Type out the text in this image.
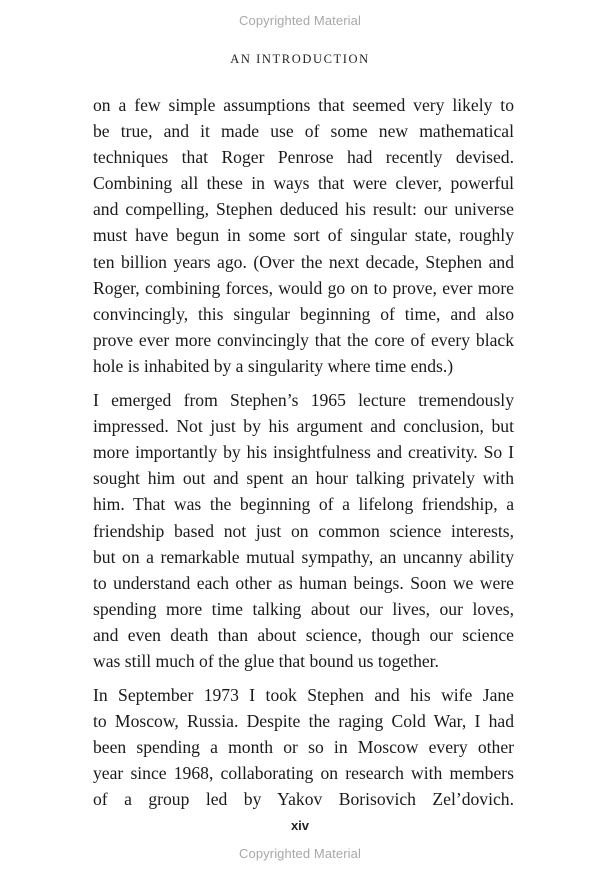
Copyrighted Material
AN INTRODUCTION
on a few simple assumptions that seemed very likely to
be true, and it made use of some new mathematical
techniques that Roger Penrose had recently devised.
Combining all these in ways that were clever, powerful
and compelling, Stephen deduced his result: our universe
must have begun in some sort of singular state, roughly
ten billion years ago. (Over the next decade, Stephen and
Roger, combining forces, would go on to prove, ever more
convincingly, this singular beginning of time, and also
prove ever more convincingly that the core of every black
hole is inhabited by a singularity where time ends.)
I emerged from Stephen’s 1965 lecture tremendously
impressed. Not just by his argument and conclusion, but
more importantly by his insightfulness and creativity. So I
sought him out and spent an hour talking privately with
him. That was the beginning of a lifelong friendship, a
friendship based not just on common science interests,
but on a remarkable mutual sympathy, an uncanny ability
to understand each other as human beings. Soon we were
spending more time talking about our lives, our loves,
and even death than about science, though our science
was still much of the glue that bound us together.
In September 1973 I took Stephen and his wife Jane
to Moscow, Russia. Despite the raging Cold War, I had
been spending a month or so in Moscow every other
year since 1968, collaborating on research with members
of a group led by Yakov Borisovich Zel’dovich.
xiv
Copyrighted Material
